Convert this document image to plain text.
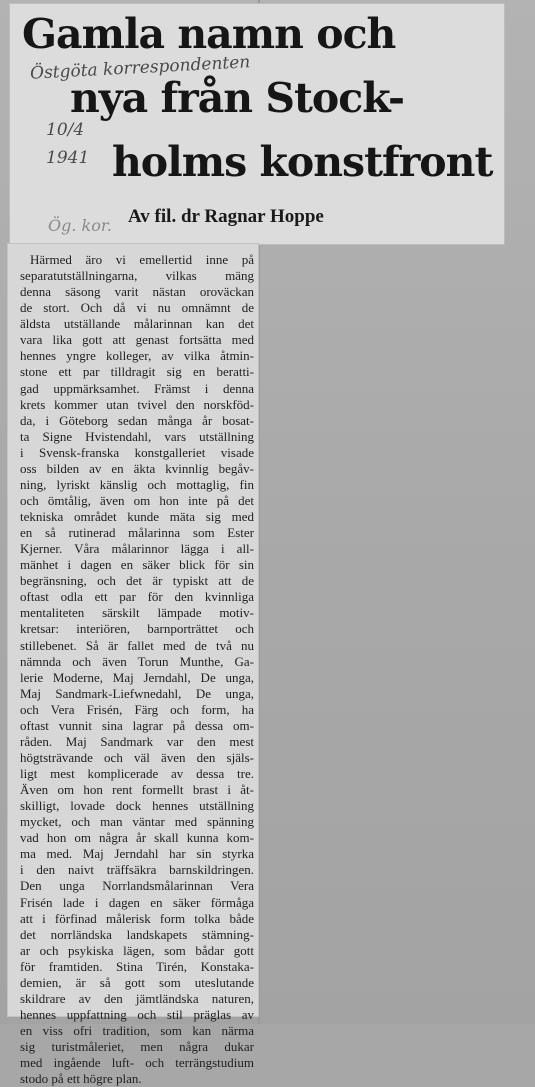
Gamla namn och
nya från Stock-
holms konstfront
Östgöta korrespondenten
10/4
1941
Av fil. dr Ragnar Hoppe
Ög. kor.
Härmed äro vi emellertid inne på
separatutställningarna, vilkas mäng
denna säsong varit nästan oroväckan
de stort. Och då vi nu omnämnt de
äldsta utställande målarinnan kan det
vara lika gott att genast fortsätta med
hennes yngre kolleger, av vilka åtmin-
stone ett par tilldragit sig en beratti-
gad uppmärksamhet. Främst i denna
krets kommer utan tvivel den norskföd-
da, i Göteborg sedan många år bosat-
ta Signe Hvistendahl, vars utställning
i Svensk-franska konstgalleriet visade
oss bilden av en äkta kvinnlig begåv-
ning, lyriskt känslig och mottaglig, fin
och ömtålig, även om hon inte på det
tekniska området kunde mäta sig med
en så rutinerad målarinna som Ester
Kjerner. Våra målarinnor lägga i all-
mänhet i dagen en säker blick för sin
begränsning, och det är typiskt att de
oftast odla ett par för den kvinnliga
mentaliteten särskilt lämpade motiv-
kretsar: interiören, barnporträttet och
stillebenet. Så är fallet med de två nu
nämnda och även Torun Munthe, Ga-
lerie Moderne, Maj Jerndahl, De unga,
Maj Sandmark-Liefwnedahl, De unga,
och Vera Frisén, Färg och form, ha
oftast vunnit sina lagrar på dessa om-
råden. Maj Sandmark var den mest
högtsträvande och väl även den själs-
ligt mest komplicerade av dessa tre.
Även om hon rent formellt brast i åt-
skilligt, lovade dock hennes utställning
mycket, och man väntar med spänning
vad hon om några år skall kunna kom-
ma med. Maj Jerndahl har sin styrka
i den naivt träffsäkra barnskildringen.
Den unga Norrlandsmålarinnan Vera
Frisén lade i dagen en säker förmåga
att i förfinad målerisk form tolka både
det norrländska landskapets stämning-
ar och psykiska lägen, som bådar gott
för framtiden. Stina Tirén, Konstaka-
demien, är så gott som uteslutande
skildrare av den jämtländska naturen,
hennes uppfattning och stil präglas av
en viss ofri tradition, som kan närma
sig turistmåleriet, men några dukar
med ingående luft- och terrängstudium
stodo på ett högre plan.
